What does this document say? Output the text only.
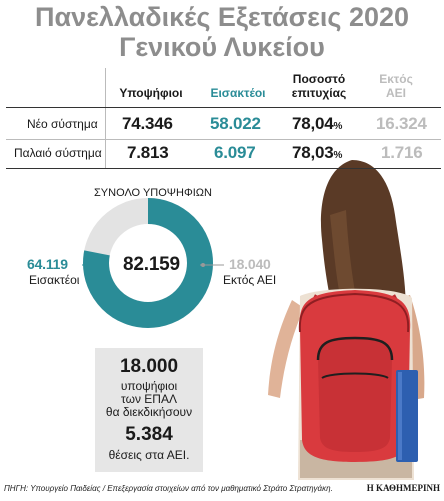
Πανελλαδικές Εξετάσεις 2020
Γενικού Λυκείου
Υποψήφιοι	Εισακτέοι
Ποσοστό
επιτυχίας
Εκτός
ΑΕΙ
Νέο σύστημα 74.346 58.022 78,04% 16.324
Παλαιό σύστημα 7.813	6.097 78,03% 1.716
ΣΥΝΟΛΟ ΥΠΟΨΗΦΙΩΝ
82.159
64.119
Εισακτέοι
18.040
Εκτός ΑΕΙ
18.000
υποψήφιοι
των ΕΠΑΛ
θα διεκδικήσουν
5.384
θέσεις στα ΑΕΙ.
ΠΗΓΗ: Υπουργείο Παιδείας / Επεξεργασία στοιχείων από τον μαθηματικό Στράτο Στρατηγάκη.	Η ΚΑΘΗΜΕΡΙΝΗ
